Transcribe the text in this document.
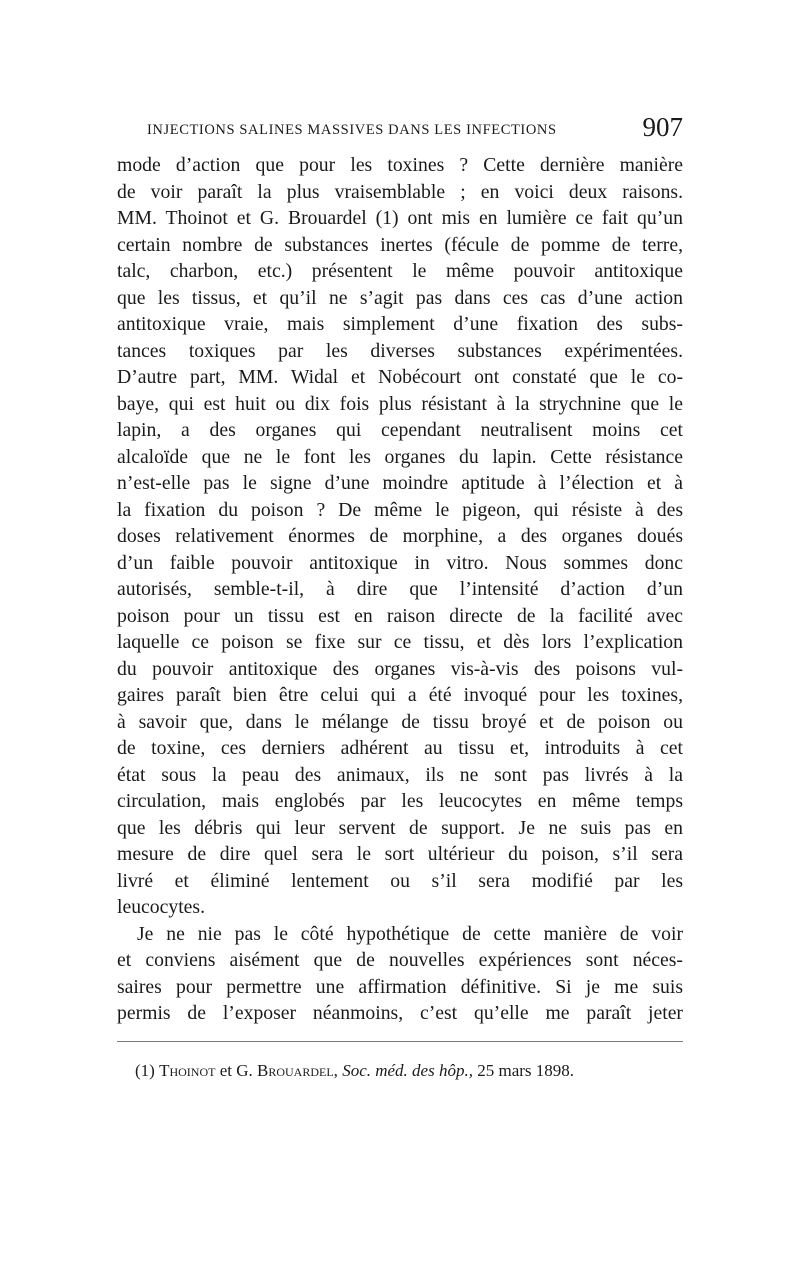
INJECTIONS SALINES MASSIVES DANS LES INFECTIONS	907
mode d’action que pour les toxines ? Cette dernière manière
de voir paraît la plus vraisemblable ; en voici deux raisons.
MM. Thoinot et G. Brouardel (1) ont mis en lumière ce fait qu’un
certain nombre de substances inertes (fécule de pomme de terre,
talc, charbon, etc.) présentent le même pouvoir antitoxique
que les tissus, et qu’il ne s’agit pas dans ces cas d’une action
antitoxique vraie, mais simplement d’une fixation des subs-
tances toxiques par les diverses substances expérimentées.
D’autre part, MM. Widal et Nobécourt ont constaté que le co-
baye, qui est huit ou dix fois plus résistant à la strychnine que le
lapin, a des organes qui cependant neutralisent moins cet
alcaloïde que ne le font les organes du lapin. Cette résistance
n’est-elle pas le signe d’une moindre aptitude à l’élection et à
la fixation du poison ? De même le pigeon, qui résiste à des
doses relativement énormes de morphine, a des organes doués
d’un faible pouvoir antitoxique in vitro. Nous sommes donc
autorisés, semble-t-il, à dire que l’intensité d’action d’un
poison pour un tissu est en raison directe de la facilité avec
laquelle ce poison se fixe sur ce tissu, et dès lors l’explication
du pouvoir antitoxique des organes vis-à-vis des poisons vul-
gaires paraît bien être celui qui a été invoqué pour les toxines,
à savoir que, dans le mélange de tissu broyé et de poison ou
de toxine, ces derniers adhérent au tissu et, introduits à cet
état sous la peau des animaux, ils ne sont pas livrés à la
circulation, mais englobés par les leucocytes en même temps
que les débris qui leur servent de support. Je ne suis pas en
mesure de dire quel sera le sort ultérieur du poison, s’il sera
livré et éliminé lentement ou s’il sera modifié par les
leucocytes.
Je ne nie pas le côté hypothétique de cette manière de voir
et conviens aisément que de nouvelles expériences sont néces-
saires pour permettre une affirmation définitive. Si je me suis
permis de l’exposer néanmoins, c’est qu’elle me paraît jeter
(1) Thoinot et G. Brouardel, Soc. méd. des hôp., 25 mars 1898.
